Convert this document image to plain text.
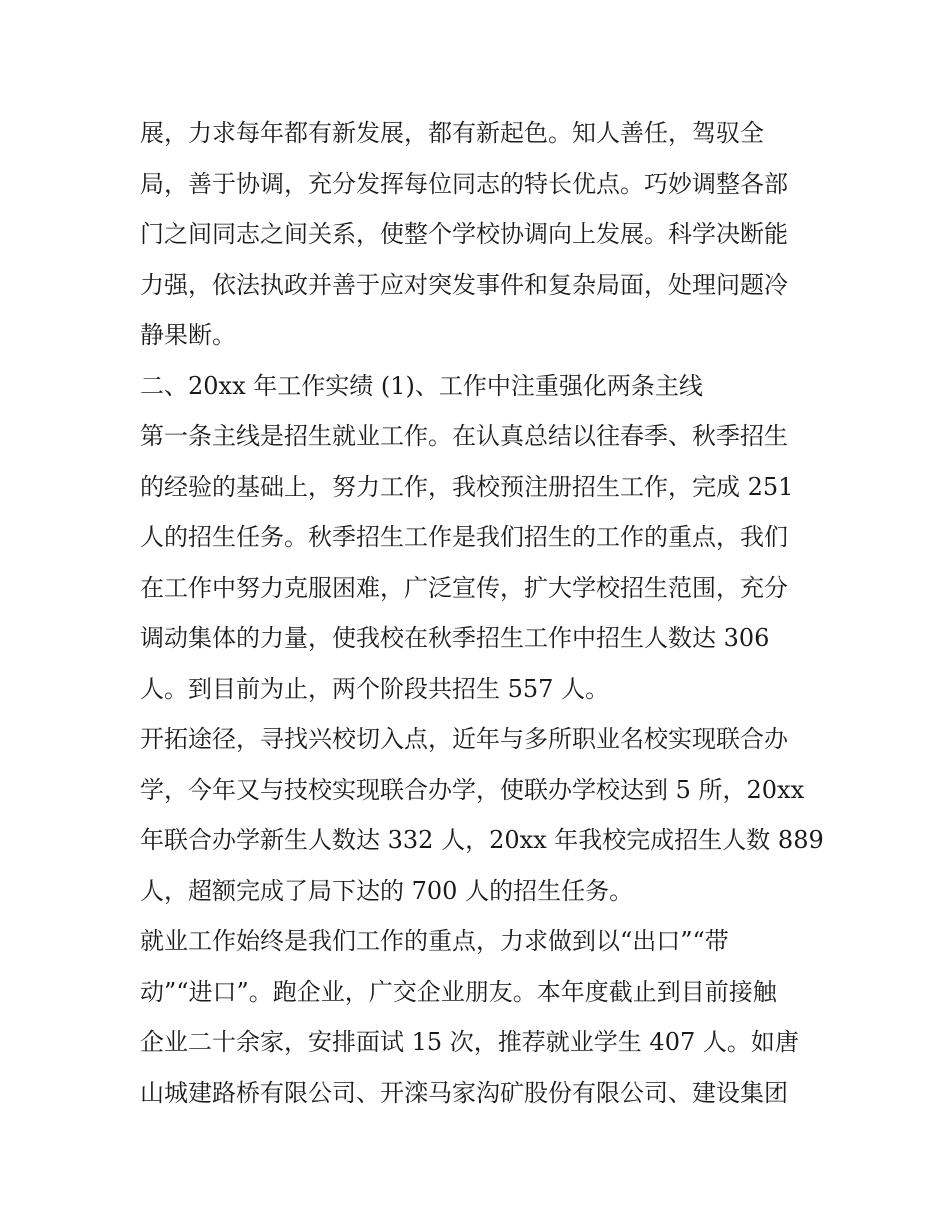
展，力求每年都有新发展，都有新起色。知人善任，驾驭全
局，善于协调，充分发挥每位同志的特长优点。巧妙调整各部
门之间同志之间关系，使整个学校协调向上发展。科学决断能
力强，依法执政并善于应对突发事件和复杂局面，处理问题冷
静果断。
二、20xx 年工作实绩 (1)、工作中注重强化两条主线
第一条主线是招生就业工作。在认真总结以往春季、秋季招生
的经验的基础上，努力工作，我校预注册招生工作，完成 251
人的招生任务。秋季招生工作是我们招生的工作的重点，我们
在工作中努力克服困难，广泛宣传，扩大学校招生范围，充分
调动集体的力量，使我校在秋季招生工作中招生人数达 306
人。到目前为止，两个阶段共招生 557 人。
开拓途径，寻找兴校切入点，近年与多所职业名校实现联合办
学，今年又与技校实现联合办学，使联办学校达到 5 所，20xx
年联合办学新生人数达 332 人，20xx 年我校完成招生人数 889
人，超额完成了局下达的 700 人的招生任务。
就业工作始终是我们工作的重点，力求做到以“出口”“带
动”“进口”。跑企业，广交企业朋友。本年度截止到目前接触
企业二十余家，安排面试 15 次，推荐就业学生 407 人。如唐
山城建路桥有限公司、开滦马家沟矿股份有限公司、建设集团
